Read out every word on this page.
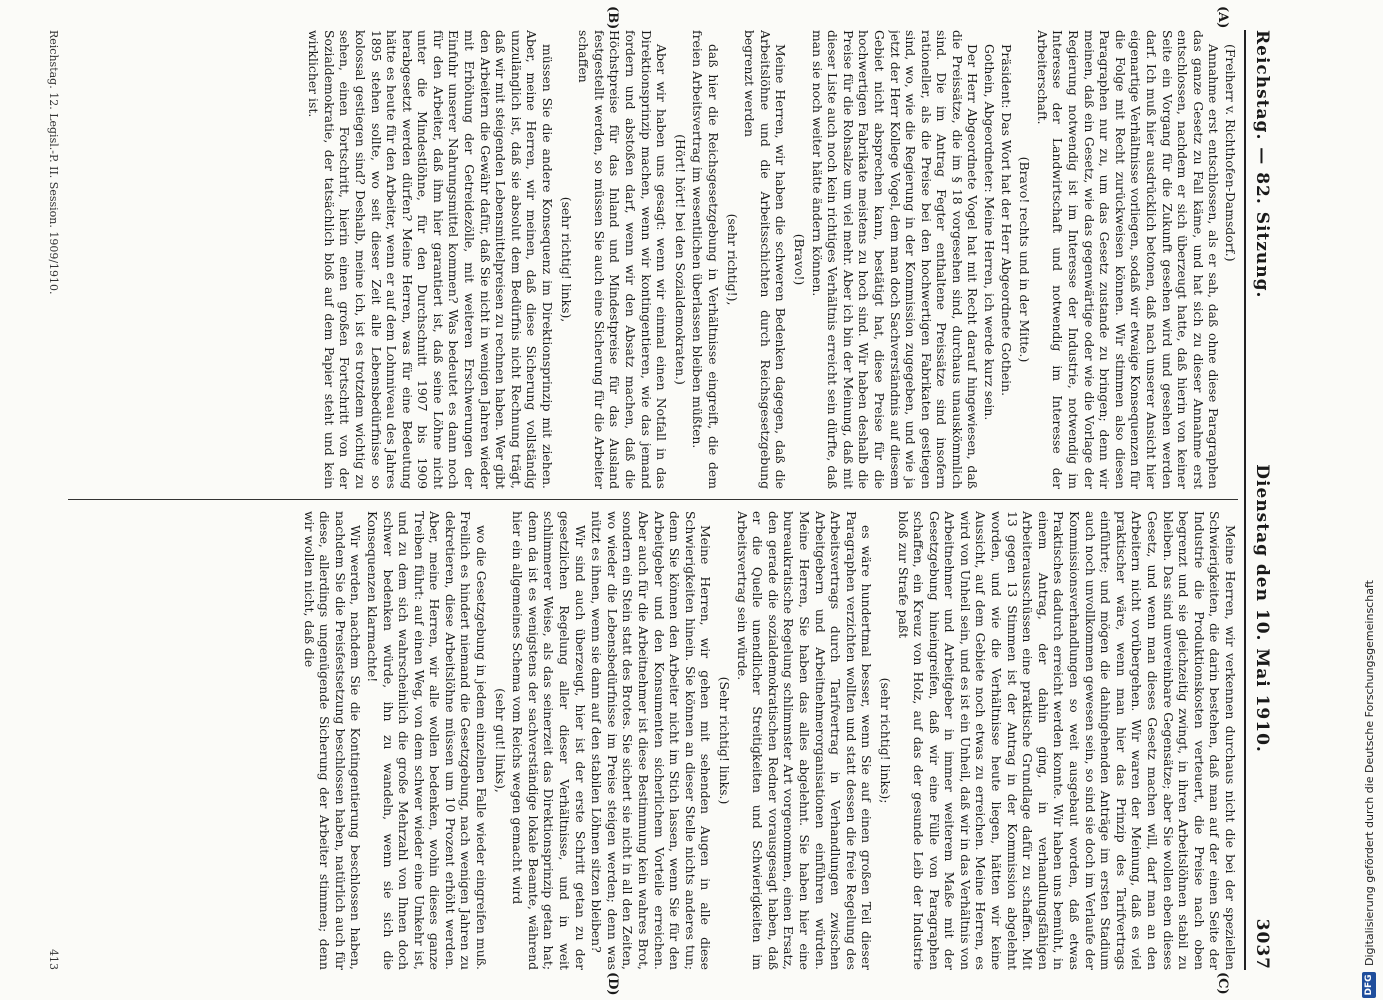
Reichstag. — 82. Sitzung.
Dienstag den 10. Mai 1910.
3037
(A)
(B)
(C)
(D)

(Freiherr v. Richthofen-Damsdorf.)

Annahme erst entschlossen, als er sah, daß ohne diese Paragraphen das ganze Gesetz zu Fall käme, und hat sich zu dieser Annahme erst entschlossen, nachdem er sich überzeugt hatte, daß hierin von keiner Seite ein Vorgang für die Zukunft gesehen wird und gesehen werden darf. Ich muß hier ausdrücklich betonen, daß nach unserer Ansicht hier eigenartige Verhältnisse vorliegen, sodaß wir etwaige Konsequenzen für die Folge mit Recht zurückweisen können. Wir stimmen also diesen Paragraphen nur zu, um das Gesetz zustande zu bringen; denn wir meinen, daß ein Gesetz, wie das gegenwärtige oder wie die Vorlage der Regierung notwendig ist im Interesse der Industrie, notwendig im Interesse der Landwirtschaft und notwendig im Interesse der Arbeiterschaft.

(Bravo! rechts und in der Mitte.)

Präsident: Das Wort hat der Herr Abgeordnete Gothein.

Gothein, Abgeordneter: Meine Herren, ich werde kurz sein.

Der Herr Abgeordnete Vogel hat mit Recht darauf hingewiesen, daß die Preissätze, die im § 18 vorgesehen sind, durchaus unauskömmlich sind. Die im Antrag Fegter enthaltene Preissätze sind insofern rationeller, als die Preise bei den hochwertigen Fabrikaten gestiegen sind, wo, wie die Regierung in der Kommission zugegeben, und wie ja jetzt der Herr Kollege Vogel, dem man doch Sachverständnis auf diesem Gebiet nicht absprechen kann, bestätigt hat, diese Preise für die hochwertigen Fabrikate meistens zu hoch sind. Wir haben deshalb die Preise für die Rohsalze um viel mehr. Aber ich bin der Meinung, daß mit dieser Liste auch noch kein richtiges Verhältnis erreicht sein dürfte, daß man sie noch weiter hätte ändern können.

(Bravo!)

Meine Herren, wir haben die schweren Bedenken dagegen, daß die Arbeitslöhne und die Arbeitsschichten durch Reichsgesetzgebung begrenzt werden

(sehr richtig!),

daß hier die Reichsgesetzgebung in Verhältnisse eingreift, die dem freien Arbeitsvertrag im wesentlichen überlassen bleiben müßten.

(Hört! hört! bei den Sozialdemokraten.)

Aber wir haben uns gesagt: wenn wir einmal einen Notfall in das Direktionsprinzip machen, wenn wir kontingentieren, wie das jemand fordern und abstoßen darf, wenn wir den Absatz machen, daß die Höchstpreise für das Inland und Mindestpreise für das Ausland festgestellt werden, so müssen Sie auch eine Sicherung für die Arbeiter schaffen

(sehr richtig! links),

müssen Sie die andere Konsequenz im Direktionsprinzip mit ziehen. Aber, meine Herren, wir meinen, daß diese Sicherung vollständig unzulänglich ist, daß sie absolut dem Bedürfnis nicht Rechnung trägt, daß wir mit steigenden Lebensmittelpreisen zu rechnen haben. Wer gibt den Arbeitern die Gewähr dafür, daß Sie nicht in wenigen Jahren wieder mit Erhöhung der Getreidezölle, mit weiteren Erschwerungen der Einfuhr unserer Nahrungsmittel kommen? Was bedeutet es dann noch für den Arbeiter, daß ihm hier garantiert ist, daß seine Löhne nicht unter die Mindestlöhne, für den Durchschnitt 1907 bis 1909 herabgesetzt werden dürfen? Meine Herren, was für eine Bedeutung hätte es heute für den Arbeiter, wenn er auf dem Lohnniveau des Jahres 1895 stehen sollte, wo seit dieser Zeit alle Lebensbedürfnisse so kolossal gestiegen sind? Deshalb, meine ich, ist es trotzdem wichtig zu sehen, einen Fortschritt, hierin einen großen Fortschritt von der Sozialdemokratie, der tatsächlich bloß auf dem Papier steht und kein wirklicher ist.

Meine Herren, wir verkennen durchaus nicht die bei der speziellen Schwierigkeiten, die darin bestehen, daß man auf der einen Seite der Industrie die Produktionskosten verteuert, die Preise nach oben begrenzt und sie gleichzeitig zwingt, in ihren Arbeitslöhnen stabil zu bleiben. Das sind unvereinbare Gegensätze; aber Sie wollen eben dieses Gesetz, und wenn man dieses Gesetz machen will, darf man an den Arbeitern nicht vorübergehen. Wir waren der Meinung, daß es viel praktischer wäre, wenn man hier das Prinzip des Tarifvertrags einführte; und mögen die dahingehenden Anträge im ersten Stadium auch noch unvollkommen gewesen sein, so sind sie doch im Verlaufe der Kommissionsverhandlungen so weit ausgebaut worden, daß etwas Praktisches dadurch erreicht werden konnte. Wir haben uns bemüht, in einem Antrag, der dahin ging, in verhandlungsfähigen Arbeiterausschüssen eine praktische Grundlage dafür zu schaffen. Mit 13 gegen 13 Stimmen ist der Antrag in der Kommission abgelehnt worden, und wie die Verhältnisse heute liegen, hätten wir keine Aussicht, auf dem Gebiete noch etwas zu erreichen. Meine Herren, es wird von Unheil sein, und es ist ein Unheil, daß wir in das Verhältnis von Arbeitnehmer und Arbeitgeber in immer weiterem Maße mit der Gesetzgebung hineingreifen, daß wir eine Fülle von Paragraphen schaffen, ein Kreuz von Holz, auf das der gesunde Leib der Industrie bloß zur Strafe paßt

(sehr richtig! links);

es wäre hundertmal besser, wenn Sie auf einen großen Teil dieser Paragraphen verzichten wollten und statt dessen die freie Regelung des Arbeitsvertrags durch Tarifvertrag in Verhandlungen zwischen Arbeitgebern und Arbeitnehmerorganisationen einführen würden. Meine Herren, Sie haben das alles abgelehnt. Sie haben hier eine bureaukratische Regelung schlimmster Art vorgenommen, einen Ersatz, den gerade die sozialdemokratischen Redner vorausgesagt haben, daß er die Quelle unendlicher Streitigkeiten und Schwierigkeiten im Arbeitsvertrag sein würde.

(Sehr richtig! links.)

Meine Herren, wir gehen mit sehenden Augen in alle diese Schwierigkeiten hinein. Sie können an dieser Stelle nichts anderes tun; denn Sie können den Arbeiter nicht im Stich lassen, wenn Sie für den Arbeitgeber und den Konsumenten sicherlichem Vorteile erreichen. Aber auch für die Arbeitnehmer ist diese Bestimmung kein wahres Brot, sondern ein Stein statt des Brotes. Sie sichert sie nicht in all den Zeiten, wo wieder die Lebensbedürfnisse im Preise steigen werden; denn was nützt es ihnen, wenn sie dann auf den stabilen Löhnen sitzen bleiben?

Wir sind auch überzeugt, hier ist der erste Schritt getan zu der gesetzlichen Regelung aller dieser Verhältnisse, und in weit schlimmerer Weise, als das seinerzeit das Direktionsprinzip getan hat; denn da ist es wenigstens der sachverständige lokale Beamte, während hier ein allgemeines Schema vom Reichs wegen gemacht wird

(sehr gut! links),

wo die Gesetzgebung in jedem einzelnen Falle wieder eingreifen muß. Freilich es hindert niemand die Gesetzgebung, nach wenigen Jahren zu dekretieren, diese Arbeitslöhne müssen um 10 Prozent erhöht werden. Aber, meine Herren, wir alle wollen bedenken, wohin dieses ganze Treiben führt: auf einen Weg, von dem schwer wieder eine Umkehr ist, und zu dem sich wahrscheinlich die große Mehrzahl von Ihnen doch schwer bedenken würde, ihn zu wandeln, wenn sie sich die Konsequenzen klarmachte!

Wir werden, nachdem Sie die Kontingentierung beschlossen haben, nachdem Sie die Preisfestsetzung beschlossen haben, natürlich auch für diese, allerdings ungenügende Sicherung der Arbeiter stimmen; denn wir wollen nicht, daß die

Reichstag. 12. Legisl.-P. II. Session. 1909/1910.
413
DFG
Digitalisierung gefördert durch die Deutsche Forschungsgemeinschaft
